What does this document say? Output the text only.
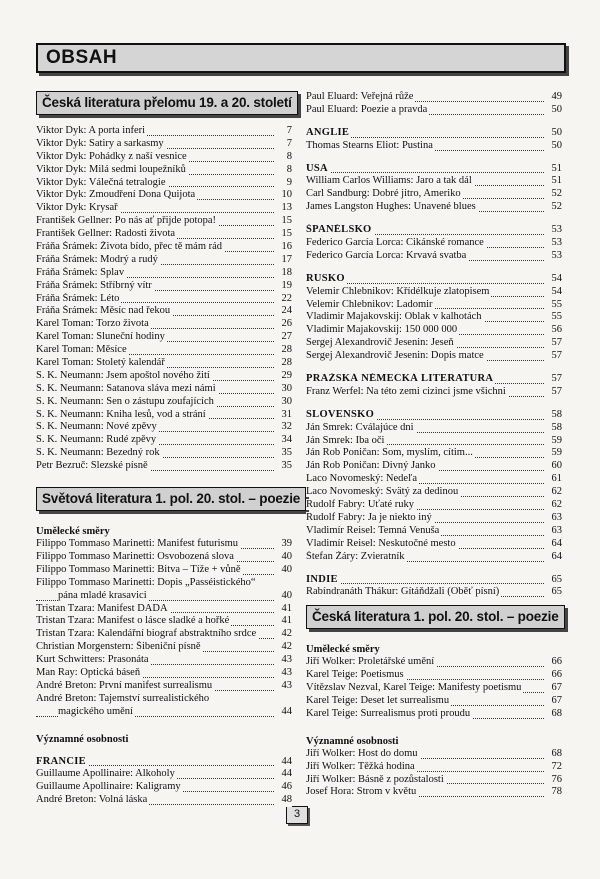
OBSAH
Česká literatura přelomu 19. a 20. století
Viktor Dyk: A porta inferi	7
Viktor Dyk: Satiry a sarkasmy	7
Viktor Dyk: Pohádky z naší vesnice	8
Viktor Dyk: Milá sedmi loupežníků	8
Viktor Dyk: Válečná tetralogie	9
Viktor Dyk: Zmoudření Dona Quijota	10
Viktor Dyk: Krysař	13
František Gellner: Po nás ať přijde potopa!	15
František Gellner: Radosti života	15
Fráňa Šrámek: Života bído, přec tě mám rád	16
Fráňa Šrámek: Modrý a rudý	17
Fráňa Šrámek: Splav	18
Fráňa Šrámek: Stříbrný vítr	19
Fráňa Šrámek: Léto	22
Fráňa Šrámek: Měsíc nad řekou	24
Karel Toman: Torzo života	26
Karel Toman: Sluneční hodiny	27
Karel Toman: Měsíce	28
Karel Toman: Stoletý kalendář	28
S. K. Neumann: Jsem apoštol nového žití	29
S. K. Neumann: Satanova sláva mezi námi	30
S. K. Neumann: Sen o zástupu zoufajících	30
S. K. Neumann: Kniha lesů, vod a strání	31
S. K. Neumann: Nové zpěvy	32
S. K. Neumann: Rudé zpěvy	34
S. K. Neumann: Bezedný rok	35
Petr Bezruč: Slezské písně	35
Světová literatura 1. pol. 20. stol. – poezie
Umělecké směry
Filippo Tommaso Marinetti: Manifest futurismu	39
Filippo Tommaso Marinetti: Osvobozená slova	40
Filippo Tommaso Marinetti: Bitva – Tíže + vůně	40
Filippo Tommaso Marinetti: Dopis „Passéistického“
pána mladé krasavici	40
Tristan Tzara: Manifest DADA	41
Tristan Tzara: Manifest o lásce sladké a hořké	41
Tristan Tzara: Kalendářní biograf abstraktního srdce	42
Christian Morgenstern: Šibeniční písně	42
Kurt Schwitters: Prasonáta	43
Man Ray: Optická báseň	43
André Breton: První manifest surrealismu	43
André Breton: Tajemství surrealistického
magického umění	44
Významné osobnosti
FRANCIE	44
Guillaume Apollinaire: Alkoholy	44
Guillaume Apollinaire: Kaligramy	46
André Breton: Volná láska	48
Paul Eluard: Veřejná růže	49
Paul Eluard: Poezie a pravda	50
ANGLIE	50
Thomas Stearns Eliot: Pustina	50
USA	51
William Carlos Williams: Jaro a tak dál	51
Carl Sandburg: Dobré jitro, Ameriko	52
James Langston Hughes: Unavené blues	52
ŠPANĚLSKO	53
Federico García Lorca: Cikánské romance	53
Federico García Lorca: Krvavá svatba	53
RUSKO	54
Velemir Chlebnikov: Křídélkuje zlatopisem	54
Velemir Chlebnikov: Ladomir	55
Vladimir Majakovskij: Oblak v kalhotách	55
Vladimir Majakovskij: 150 000 000	56
Sergej Alexandrovič Jesenin: Jeseň	57
Sergej Alexandrovič Jesenin: Dopis matce	57
PRAŽSKÁ NĚMECKÁ LITERATURA	57
Franz Werfel: Na této zemi cizinci jsme všichni	57
SLOVENSKO	58
Ján Smrek: Cválajúce dni	58
Ján Smrek: Iba oči	59
Ján Rob Poničan: Som, myslím, cítim...	59
Ján Rob Poničan: Divný Janko	60
Laco Novomeský: Nedeľa	61
Laco Novomeský: Svätý za dedinou	62
Rudolf Fabry: Uťaté ruky	62
Rudolf Fabry: Ja je niekto iný	63
Vladimír Reisel: Temná Venuša	63
Vladimír Reisel: Neskutočné mesto	64
Štefan Žáry: Zvieratník	64
INDIE	65
Rabíndranáth Thákur: Gítáňdžali (Oběť písní)	65
Česká literatura 1. pol. 20. stol. – poezie
Umělecké směry
Jiří Wolker: Proletářské umění	66
Karel Teige: Poetismus	66
Vítězslav Nezval, Karel Teige: Manifesty poetismu	67
Karel Teige: Deset let surrealismu	67
Karel Teige: Surrealismus proti proudu	68
Významné osobnosti
Jiří Wolker: Host do domu	68
Jiří Wolker: Těžká hodina	72
Jiří Wolker: Básně z pozůstalosti	76
Josef Hora: Strom v květu	78
3
